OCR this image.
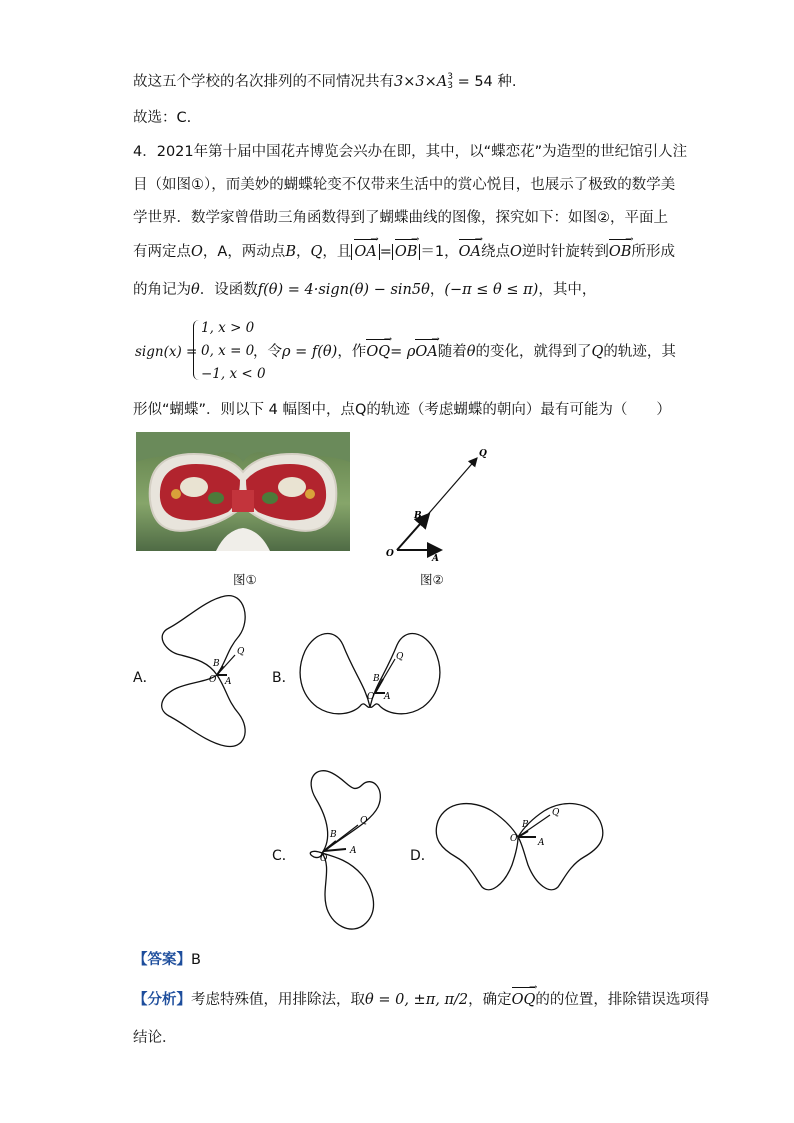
故这五个学校的名次排列的不同情况共有3×3×A 3
3 = 54 种.
故选：C.
4．2021年第十届中国花卉博览会兴办在即，其中，以“蝶恋花”为造型的世纪馆引人注
目（如图①），而美妙的蝴蝶轮变不仅带来生活中的赏心悦目，也展示了极致的数学美
学世界．数学家曾借助三角函数得到了蝴蝶曲线的图像，探究如下：如图②，平面上
有两定点O，A，两动点B，Q，且 OA → = OB → ＝1，OA →绕点O逆时针旋转到OB →所形成
的角记为θ．设函数f(θ) = 4·sign(θ) − sin5θ，(−π ≤ θ ≤ π)，其中，
sign(x) =
1, x > 0
0, x = 0
−1, x < 0
，令ρ = f(θ)，作OQ →= ρOA →随着θ的变化，就得到了Q的轨迹，其
形似“蝴蝶”．则以下 4 幅图中，点Q的轨迹（考虑蝴蝶的朝向）最有可能为（　　）
图①
O	A
B
Q
图②
A．	O A
B
Q
B．
O A
B
Q
C．	O
A
B
Q
D．
O A
B
Q
【答案】B
【分析】考虑特殊值，用排除法，取θ = 0, ±π, π/2，确定OQ →的的位置，排除错误选项得
结论．
